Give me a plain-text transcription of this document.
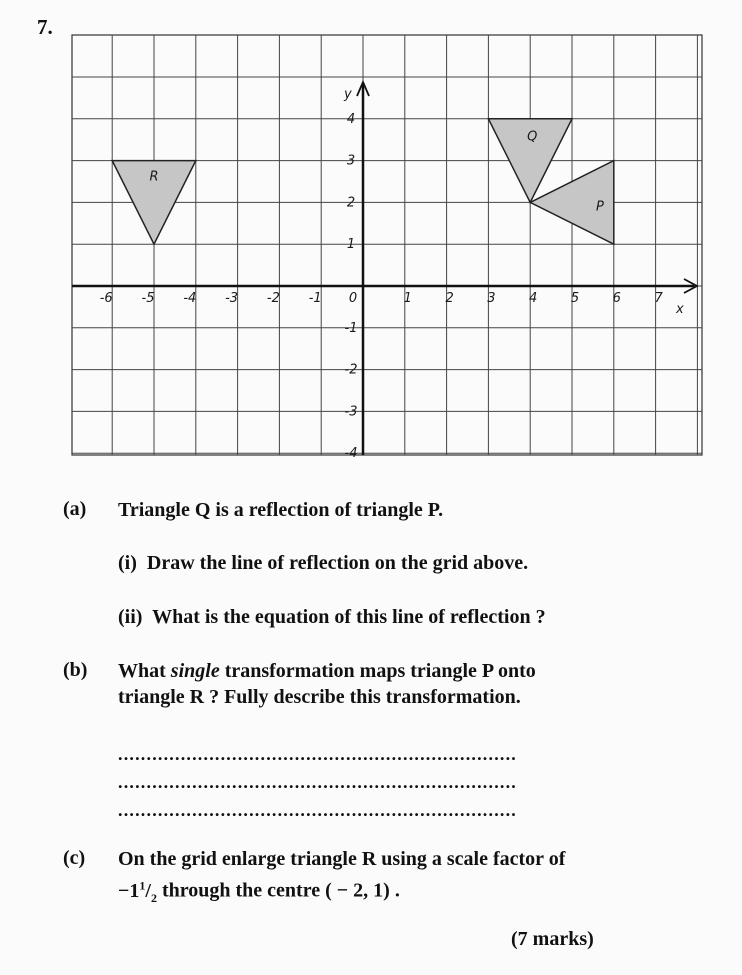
7.
R
Q
P
-6 -5 -4 -3 -2 -1 0	1	2	3	4	5	6	7
4
3
2
1
-1
-2
-3
-4
y
x
(a) Triangle Q is a reflection of triangle P.
(i) Draw the line of reflection on the grid above.
(ii) What is the equation of this line of reflection ?
(b) What single transformation maps triangle P onto
triangle R ? Fully describe this transformation.
......................................................................
......................................................................
......................................................................
(c) On the grid enlarge triangle R using a scale factor of
$-1^1/_2$ through the centre ( − 2, 1) .
(7 marks)
